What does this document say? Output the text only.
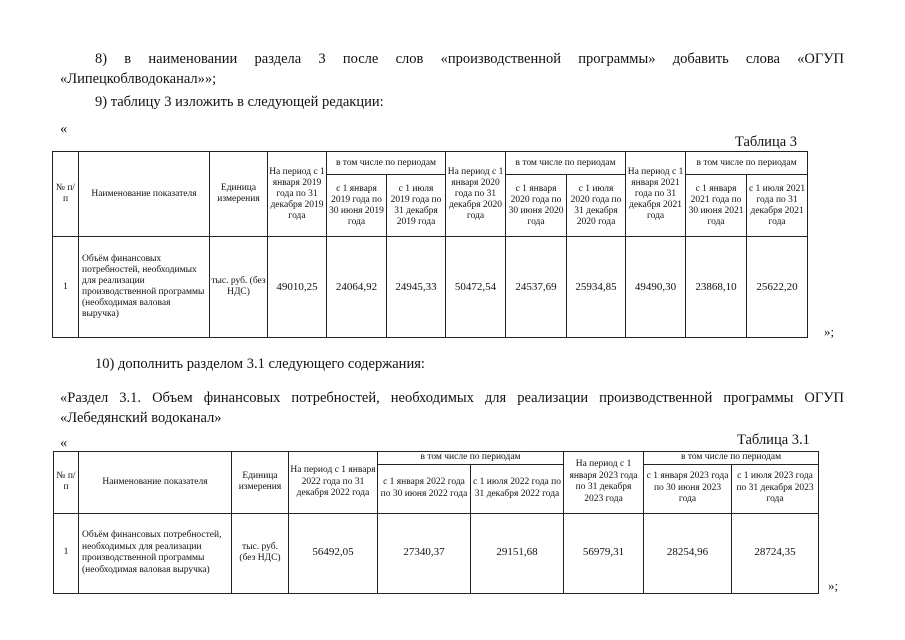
8) в наименовании раздела 3 после слов «производственной программы» добавить слова «ОГУП
«Липецкоблводоканал»»;
9) таблицу 3 изложить в следующей редакции:
«
Таблица 3
№ п/п	Наименование показателя	Единица измерения	На период с 1 января 2019 года по 31 декабря 2019 года	в том числе по периодам		На период с 1 января 2020 года по 31 декабря 2020 года	в том числе по периодам		На период с 1 января 2021 года по 31 декабря 2021 года	в том числе по периодам	
				с 1 января 2019 года по 30 июня 2019 года	с 1 июля 2019 года по 31 декабря 2019 года		с 1 января 2020 года по 30 июня 2020 года	с 1 июля 2020 года по 31 декабря 2020 года		с 1 января 2021 года по 30 июня 2021 года	с 1 июля 2021 года по 31 декабря 2021 года
1	Объём финансовых потребностей, необходимых для реализации производственной программы (необходимая валовая выручка)	тыс. руб. (без НДС)	49010,25	24064,92	24945,33	50472,54	24537,69	25934,85	49490,30	23868,10	25622,20
»;
10) дополнить разделом 3.1 следующего содержания:
«Раздел 3.1. Объем финансовых потребностей, необходимых для реализации производственной программы ОГУП
«Лебедянский водоканал»
«	Таблица 3.1
№ п/п	Наименование показателя	Единица измерения	На период с 1 января 2022 года по 31 декабря 2022 года	в том числе по периодам		На период с 1 января 2023 года по 31 декабря 2023 года	в том числе по периодам	
				с 1 января 2022 года по 30 июня 2022 года	с 1 июля 2022 года по 31 декабря 2022 года		с 1 января 2023 года по 30 июня 2023 года	с 1 июля 2023 года по 31 декабря 2023 года
1	Объём финансовых потребностей, необходимых для реализации производственной программы (необходимая валовая выручка)	тыс. руб. (без НДС)	56492,05	27340,37	29151,68	56979,31	28254,96	28724,35
»;
